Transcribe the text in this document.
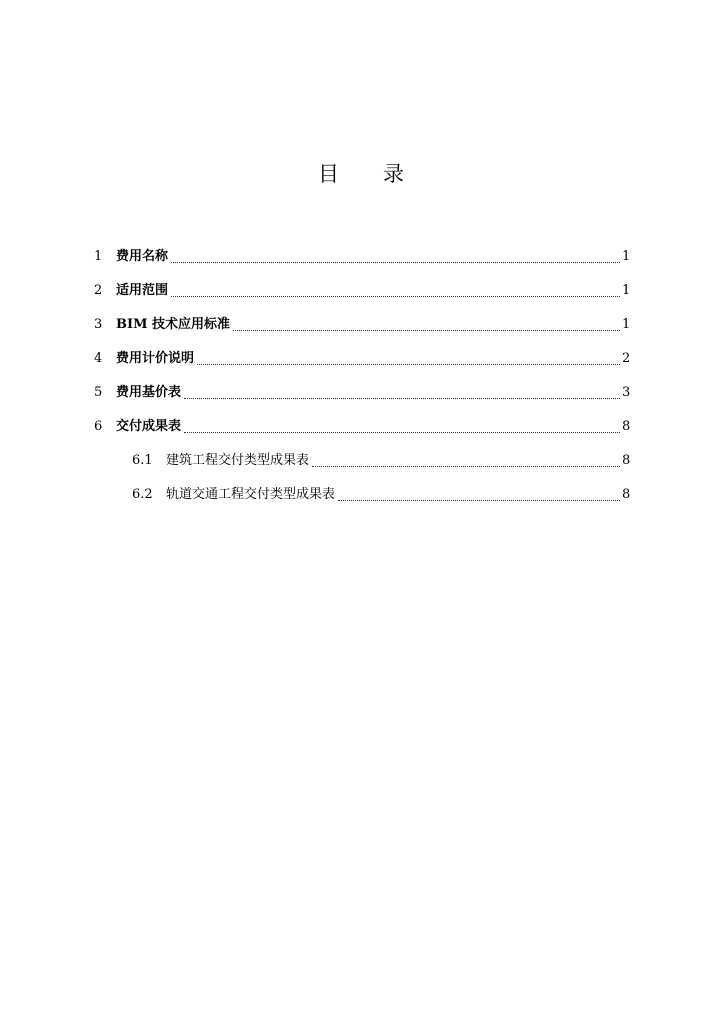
目 录
1	费用名称	1
2	适用范围	1
3	BIM 技术应用标准	1
4	费用计价说明	2
5	费用基价表	3
6	交付成果表	8
6.1	建筑工程交付类型成果表	8
6.2	轨道交通工程交付类型成果表	8
